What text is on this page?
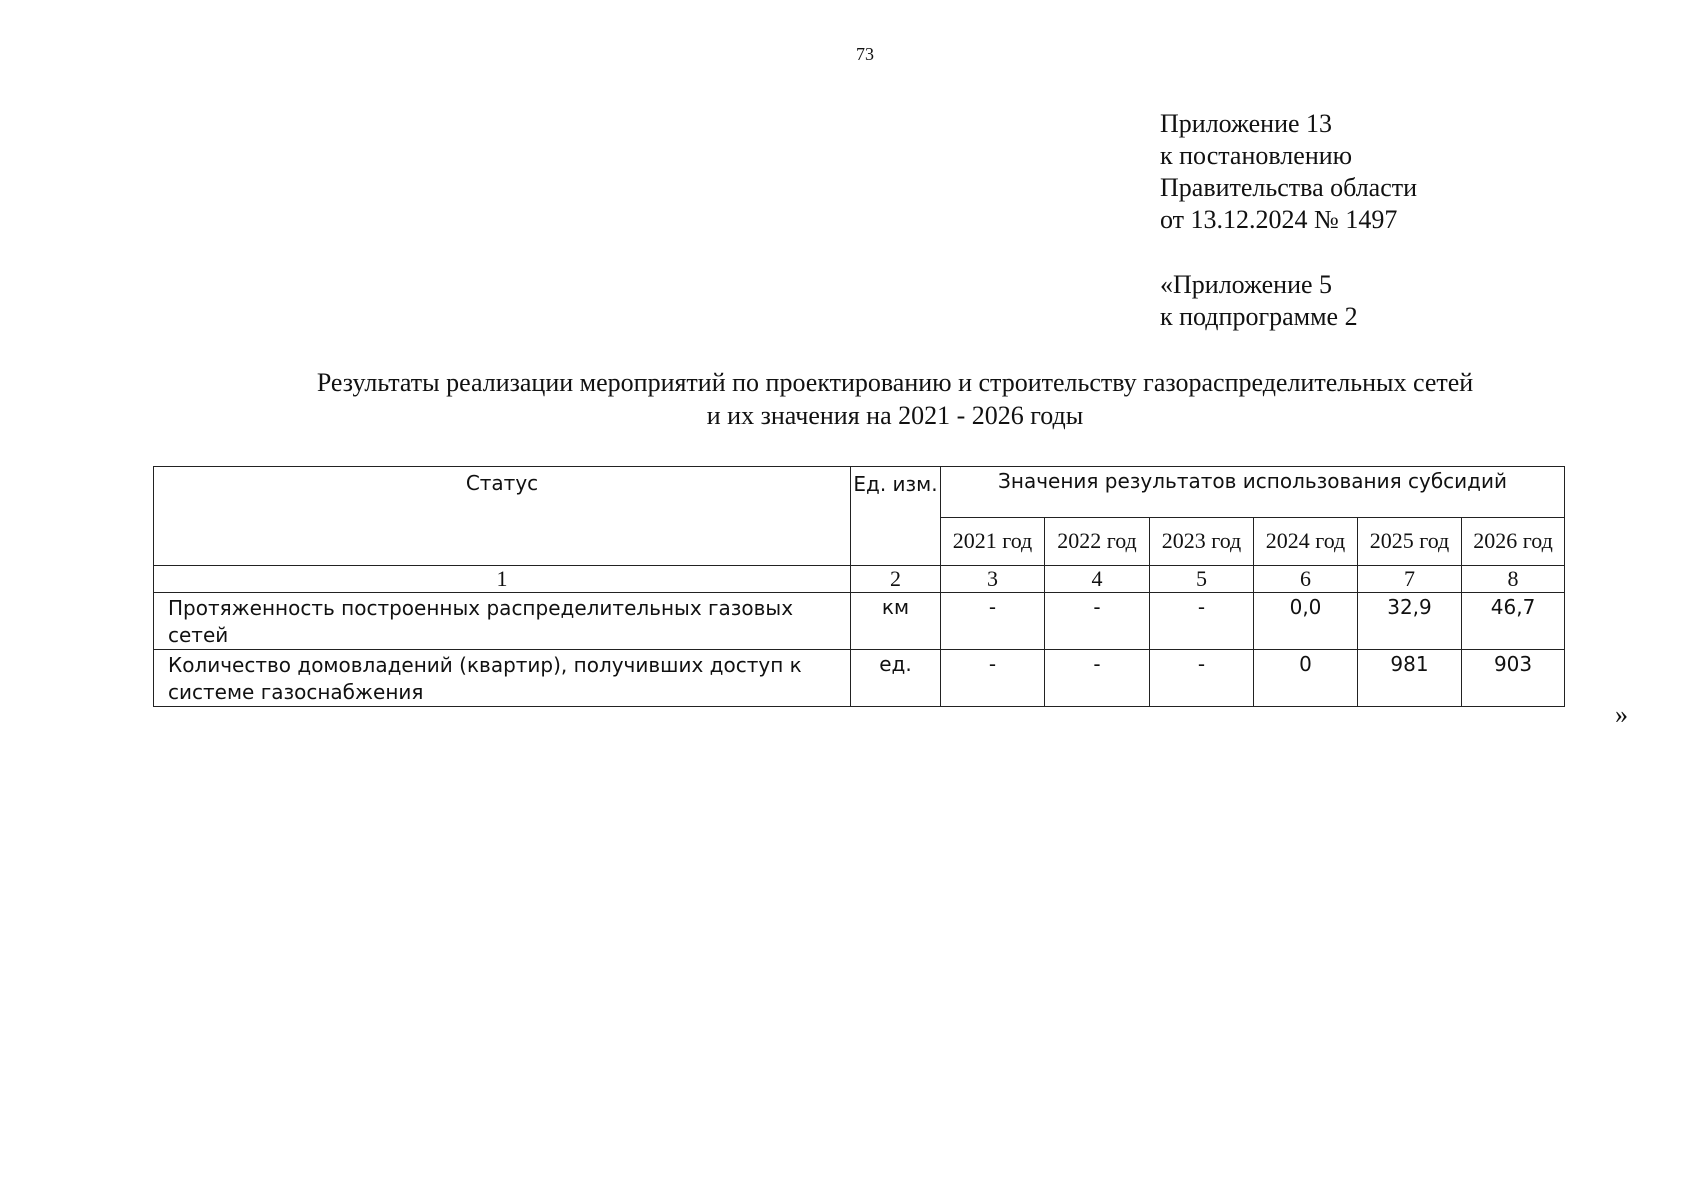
73
Приложение 13
к постановлению
Правительства области
от 13.12.2024 № 1497
«Приложение 5
к подпрограмме 2
Результаты реализации мероприятий по проектированию и строительству газораспределительных сетей
и их значения на 2021 - 2026 годы
Статус	Ед. изм.	Значения результатов использования субсидий					
		2021 год	2022 год	2023 год	2024 год	2025 год	2026 год
1	2	3	4	5	6	7	8
Протяженность построенных распределительных газовых сетей	км	-	-	-	0,0	32,9	46,7
Количество домовладений (квартир), получивших доступ к системе газоснабжения	ед.	-	-	-	0	981	903
»
